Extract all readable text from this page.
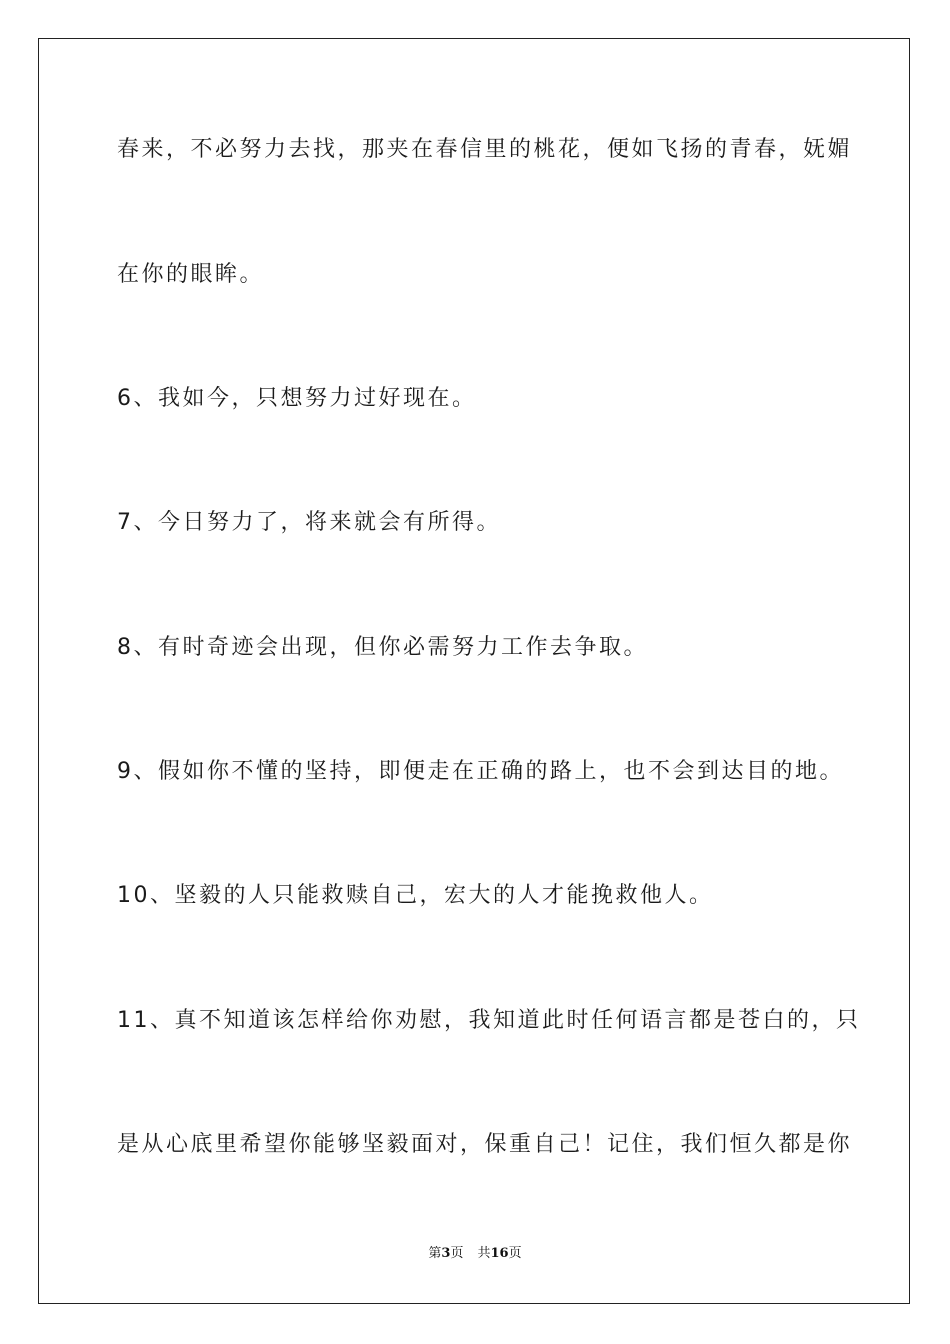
春来，不必努力去找，那夹在春信里的桃花，便如飞扬的青春，妩媚
在你的眼眸。
6、我如今，只想努力过好现在。
7、今日努力了，将来就会有所得。
8、有时奇迹会出现，但你必需努力工作去争取。
9、假如你不懂的坚持，即便走在正确的路上，也不会到达目的地。
10、坚毅的人只能救赎自己，宏大的人才能挽救他人。
11、真不知道该怎样给你劝慰，我知道此时任何语言都是苍白的，只
是从心底里希望你能够坚毅面对，保重自己！记住，我们恒久都是你
第3页 共16页
